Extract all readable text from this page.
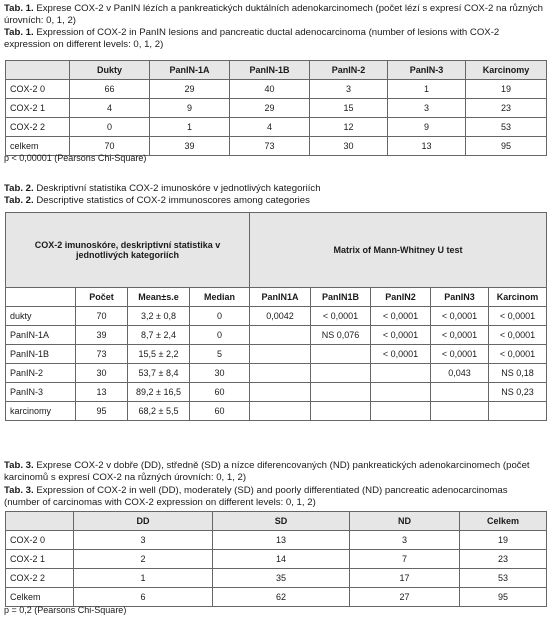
Tab. 1. Exprese COX-2 v PanIN lézích a pankreatických duktálních adenokarcinomech (počet lézí s expresí COX-2 na různých úrovních: 0, 1, 2)
Tab. 1. Expression of COX-2 in PanIN lesions and pancreatic ductal adenocarcinoma (number of lesions with COX-2 expression on different levels: 0, 1, 2)
	Dukty	PanIN-1A	PanIN-1B	PanIN-2	PanIN-3	Karcinomy
COX-2 0	66	29	40	3	1	19
COX-2 1	4	9	29	15	3	23
COX-2 2	0	1	4	12	9	53
celkem	70	39	73	30	13	95
p < 0,00001 (Pearsons Chi-Square)
Tab. 2. Deskriptivní statistika COX-2 imunoskóre v jednotlivých kategoriích
Tab. 2. Descriptive statistics of COX-2 immunoscores among categories
COX-2 imunoskóre, deskriptivní statistika v jednotlivých kategoriích				Matrix of Mann-Whitney U test				
	Počet	Mean±s.e	Median	PanIN1A	PanIN1B	PanIN2	PanIN3	Karcinom
dukty	70	3,2 ± 0,8	0	0,0042	< 0,0001	< 0,0001	< 0,0001	< 0,0001
PanIN-1A	39	8,7 ± 2,4	0		NS 0,076	< 0,0001	< 0,0001	< 0,0001
PanIN-1B	73	15,5 ± 2,2	5			< 0,0001	< 0,0001	< 0,0001
PanIN-2	30	53,7 ± 8,4	30				0,043	NS 0,18
PanIN-3	13	89,2 ± 16,5	60					NS 0,23
karcinomy	95	68,2 ± 5,5	60					
Tab. 3. Exprese COX-2 v dobře (DD), středně (SD) a nízce diferencovaných (ND) pankreatických adenokarcinomech (počet karcinomů s expresí COX-2 na různých úrovních: 0, 1, 2)
Tab. 3. Expression of COX-2 in well (DD), moderately (SD) and poorly differentiated (ND) pancreatic adenocarcinomas (number of carcinomas with COX-2 expression on different levels: 0, 1, 2)
	DD	SD	ND	Celkem
COX-2 0	3	13	3	19
COX-2 1	2	14	7	23
COX-2 2	1	35	17	53
Celkem	6	62	27	95
p = 0,2 (Pearsons Chi-Square)
